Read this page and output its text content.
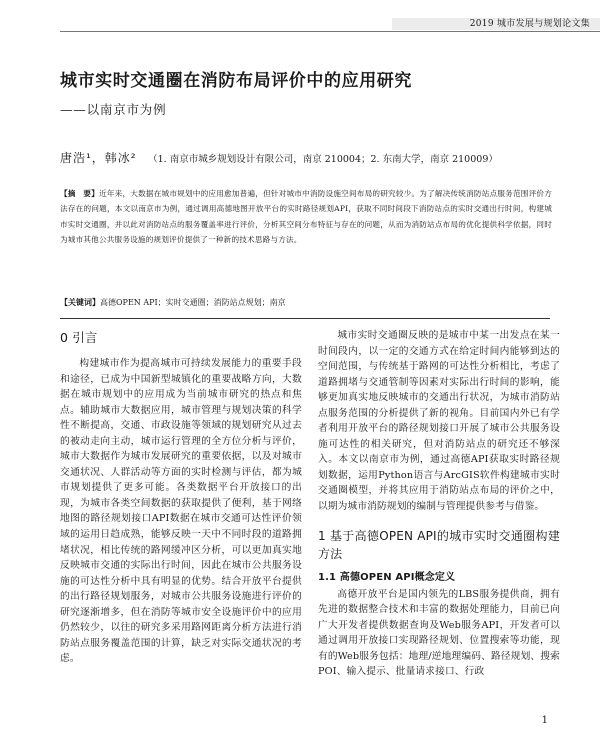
2019 城市发展与规划论文集
城市实时交通圈在消防布局评价中的应用研究
——以南京市为例
唐浩¹，韩冰² （1. 南京市城乡规划设计有限公司，南京 210004；2. 东南大学，南京 210009）
【摘　要】近年来，大数据在城市规划中的应用愈加普遍，但针对城市中消防设施空间布局的研究较少。为了解决传统消防站点服务范围评价方法存在的问题，本文以南京市为例，通过调用高德地图开放平台的实时路径规划API，获取不同时间段下消防站点的实时交通出行时间，构建城市实时交通圈，并以此对消防站点的服务覆盖率进行评价，分析其空间分布特征与存在的问题，从而为消防站点布局的优化提供科学依据，同时为城市其他公共服务设施的规划评价提供了一种新的技术思路与方法。
【关键词】高德OPEN API；实时交通圈；消防站点规划；南京
0 引言

构建城市作为提高城市可持续发展能力的重要手段和途径，已成为中国新型城镇化的重要战略方向，大数据在城市规划中的应用成为当前城市研究的热点和焦点。辅助城市大数据应用，城市管理与规划决策的科学性不断提高，交通、市政设施等领域的规划研究从过去的被动走向主动，城市运行管理的全方位分析与评价，城市大数据作为城市发展研究的重要依据，以及对城市交通状况、人群活动等方面的实时检测与评估，都为城市规划提供了更多可能。各类数据平台开放接口的出现，为城市各类空间数据的获取提供了便利，基于网络地图的路径规划接口API数据在城市交通可达性评价领域的运用日趋成熟，能够反映一天中不同时段的道路拥堵状况，相比传统的路网缓冲区分析，可以更加真实地反映城市交通的实际出行时间，因此在城市公共服务设施的可达性分析中具有明显的优势。结合开放平台提供的出行路径规划服务，对城市公共服务设施进行评价的研究逐渐增多，但在消防等城市安全设施评价中的应用仍然较少，以往的研究多采用路网距离分析方法进行消防站点服务覆盖范围的计算，缺乏对实际交通状况的考虑。

城市实时交通圈反映的是城市中某一出发点在某一时间段内，以一定的交通方式在给定时间内能够到达的空间范围，与传统基于路网的可达性分析相比，考虑了道路拥堵与交通管制等因素对实际出行时间的影响，能够更加真实地反映城市的交通出行状况，为城市消防站点服务范围的分析提供了新的视角。目前国内外已有学者利用开放平台的路径规划接口开展了城市公共服务设施可达性的相关研究，但对消防站点的研究还不够深入。本文以南京市为例，通过高德API获取实时路径规划数据，运用Python语言与ArcGIS软件构建城市实时交通圈模型，并将其应用于消防站点布局的评价之中，以期为城市消防规划的编制与管理提供参考与借鉴。

1 基于高德OPEN API的城市实时交通圈构建方法
1.1 高德OPEN API概念定义

高德开放平台是国内领先的LBS服务提供商，拥有先进的数据整合技术和丰富的数据处理能力，目前已向广大开发者提供数据查询及Web服务API，开发者可以通过调用开放接口实现路径规划、位置搜索等功能，现有的Web服务包括：地理/逆地理编码、路径规划、搜索POI、输入提示、批量请求接口、行政

1
